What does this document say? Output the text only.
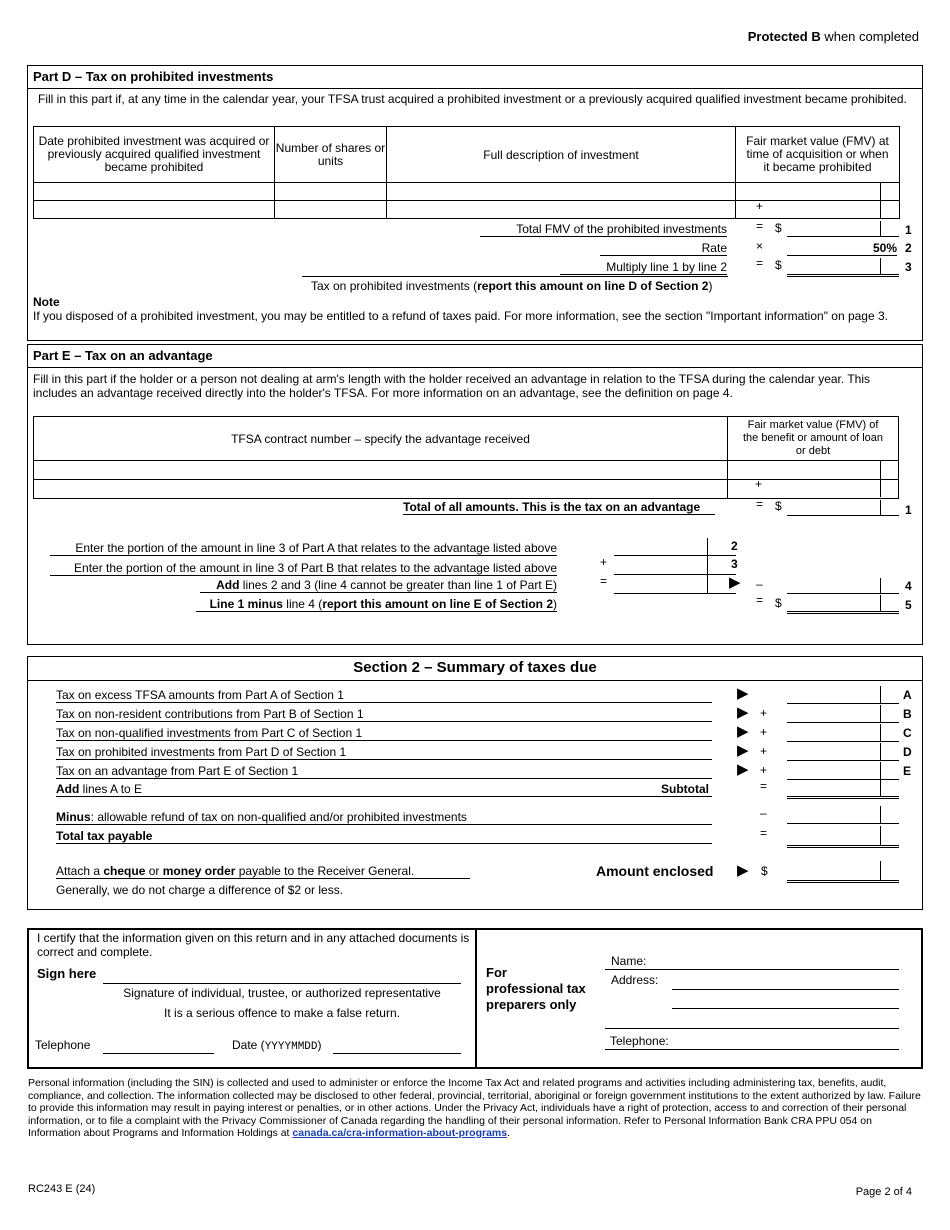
Protected B when completed
Part D – Tax on prohibited investments
Fill in this part if, at any time in the calendar year, your TFSA trust acquired a prohibited investment or a previously acquired qualified investment became prohibited.
Date prohibited investment was acquired or previously acquired qualified investment became prohibited	Number of shares or units	Full description of investment	Fair market value (FMV) at time of acquisition or when it became prohibited

+
Total FMV of the prohibited investments = $	1
Rate ×	50% 2
Multiply line 1 by line 2 = $	3
Tax on prohibited investments (report this amount on line D of Section 2)
Note
If you disposed of a prohibited investment, you may be entitled to a refund of taxes paid. For more information, see the section "Important information" on page 3.
Part E – Tax on an advantage
Fill in this part if the holder or a person not dealing at arm's length with the holder received an advantage in relation to the TFSA during the calendar year. This includes an advantage received directly into the holder's TFSA. For more information on an advantage, see the definition on page 4.
TFSA contract number – specify the advantage received	Fair market value (FMV) of the benefit or amount of loan or debt

+
Total of all amounts. This is the tax on an advantage	= $	1
Enter the portion of the amount in line 3 of Part A that relates to the advantage listed above	2
Enter the portion of the amount in line 3 of Part B that relates to the advantage listed above	+	3
Add lines 2 and 3 (line 4 cannot be greater than line 1 of Part E)	=	▶ –	4
Line 1 minus line 4 (report this amount on line E of Section 2)	= $	5
Section 2 – Summary of taxes due
Tax on excess TFSA amounts from Part A of Section 1	▶	A
Tax on non-resident contributions from Part B of Section 1	▶ +	B
Tax on non-qualified investments from Part C of Section 1	▶ +	C
Tax on prohibited investments from Part D of Section 1	▶ +	D
Tax on an advantage from Part E of Section 1	▶ +	E
Add lines A to E	Subtotal	=
Minus: allowable refund of tax on non-qualified and/or prohibited investments	–
Total tax payable	=
Attach a cheque or money order payable to the Receiver General.
Generally, we do not charge a difference of $2 or less.
Amount enclosed ▶ $
I certify that the information given on this return and in any attached documents is correct and complete.
Sign here
Signature of individual, trustee, or authorized representative
It is a serious offence to make a false return.
Telephone	Date (YYYYMMDD)
For professional tax preparers only
Name:
Address:
Telephone:
Personal information (including the SIN) is collected and used to administer or enforce the Income Tax Act and related programs and activities including administering tax, benefits, audit, compliance, and collection. The information collected may be disclosed to other federal, provincial, territorial, aboriginal or foreign government institutions to the extent authorized by law. Failure to provide this information may result in paying interest or penalties, or in other actions. Under the Privacy Act, individuals have a right of protection, access to and correction of their personal information, or to file a complaint with the Privacy Commissioner of Canada regarding the handling of their personal information. Refer to Personal Information Bank CRA PPU 054 on Information about Programs and Information Holdings at canada.ca/cra-information-about-programs.
RC243 E (24)	Page 2 of 4
